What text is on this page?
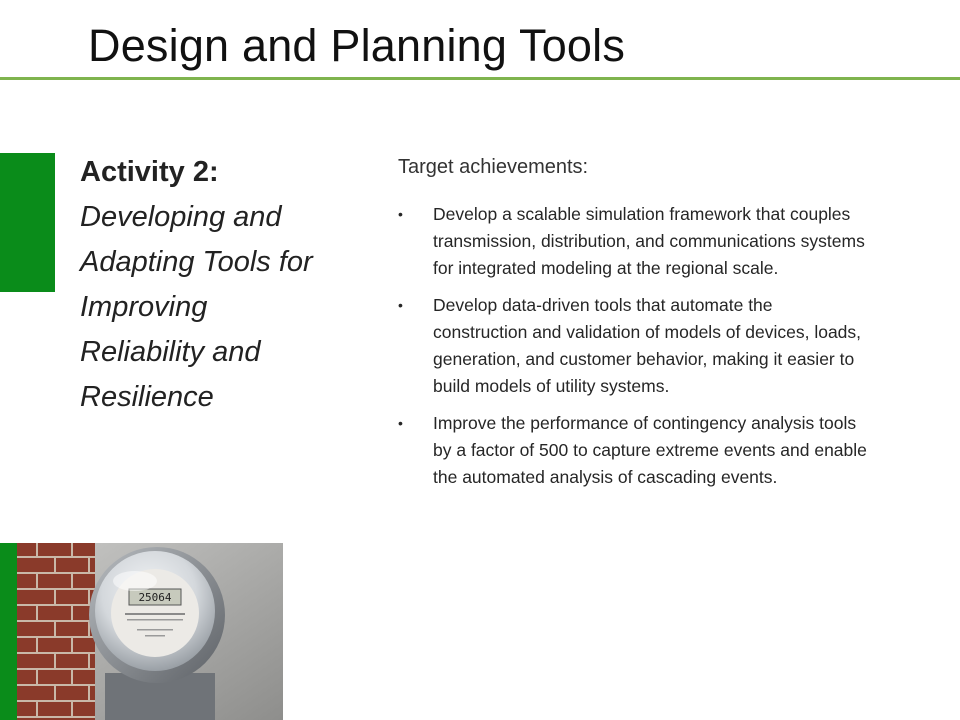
Design and Planning Tools
Activity 2:
Developing and Adapting Tools for Improving Reliability and Resilience

Target achievements:

• Develop a scalable simulation framework that couples transmission, distribution, and communications systems for integrated modeling at the regional scale.
• Develop data-driven tools that automate the construction and validation of models of devices, loads, generation, and customer behavior, making it easier to build models of utility systems.
• Improve the performance of contingency analysis tools by a factor of 500 to capture extreme events and enable the automated analysis of cascading events.
25064
